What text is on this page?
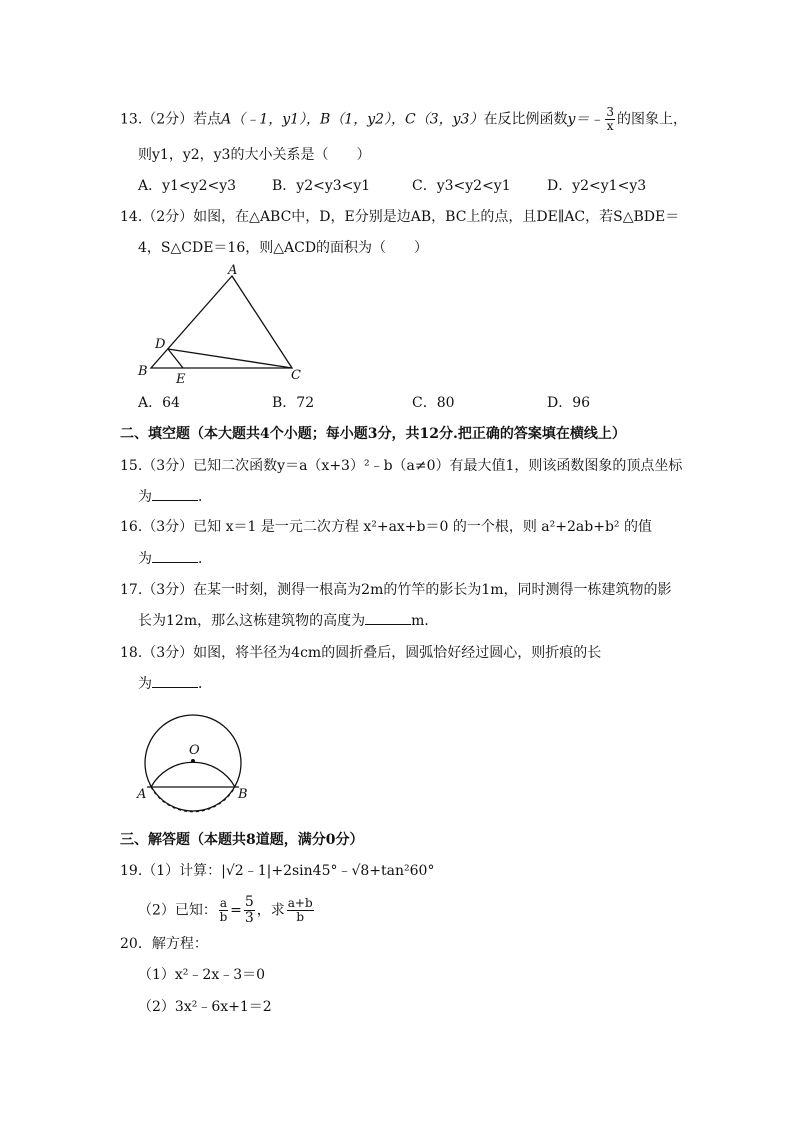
13.（2分）若点A（﹣1，y1），B（1，y2），C（3，y3）在反比例函数y＝﹣ $\frac{3}{x}$ 的图象上，
则y1，y2，y3的大小关系是（　　）
A．y1<y2<y3	B．y2<y3<y1	C．y3<y2<y1	D．y2<y1<y3
14.（2分）如图，在△ABC中，D，E分别是边AB，BC上的点，且DE∥AC，若S△BDE＝
4，S△CDE＝16，则△ACD的面积为（　　）
A
D
B
E	C
A．64	B．72	C．80	D．96
二、填空题（本大题共4个小题；每小题3分，共12分.把正确的答案填在横线上）
15.（3分）已知二次函数y＝a（x+3）²﹣b（a≠0）有最大值1，则该函数图象的顶点坐标
为	．
16.（3分）已知 x＝1 是一元二次方程 x²+ax+b＝0 的一个根，则 a²+2ab+b² 的值
为	．
17.（3分）在某一时刻，测得一根高为2m的竹竿的影长为1m，同时测得一栋建筑物的影
长为12m，那么这栋建筑物的高度为	m．
18.（3分）如图，将半径为4cm的圆折叠后，圆弧恰好经过圆心，则折痕的长
为	．
O
A	B
三、解答题（本题共8道题，满分0分）
19.（1）计算：|√2﹣1|+2sin45°﹣√8+tan²60°
（2）已知： $\frac{a}{b} = \frac{5}{3}$ ，求 $\frac{a+b}{b}$
20．解方程：
（1）x²﹣2x﹣3＝0
（2）3x²﹣6x+1＝2
